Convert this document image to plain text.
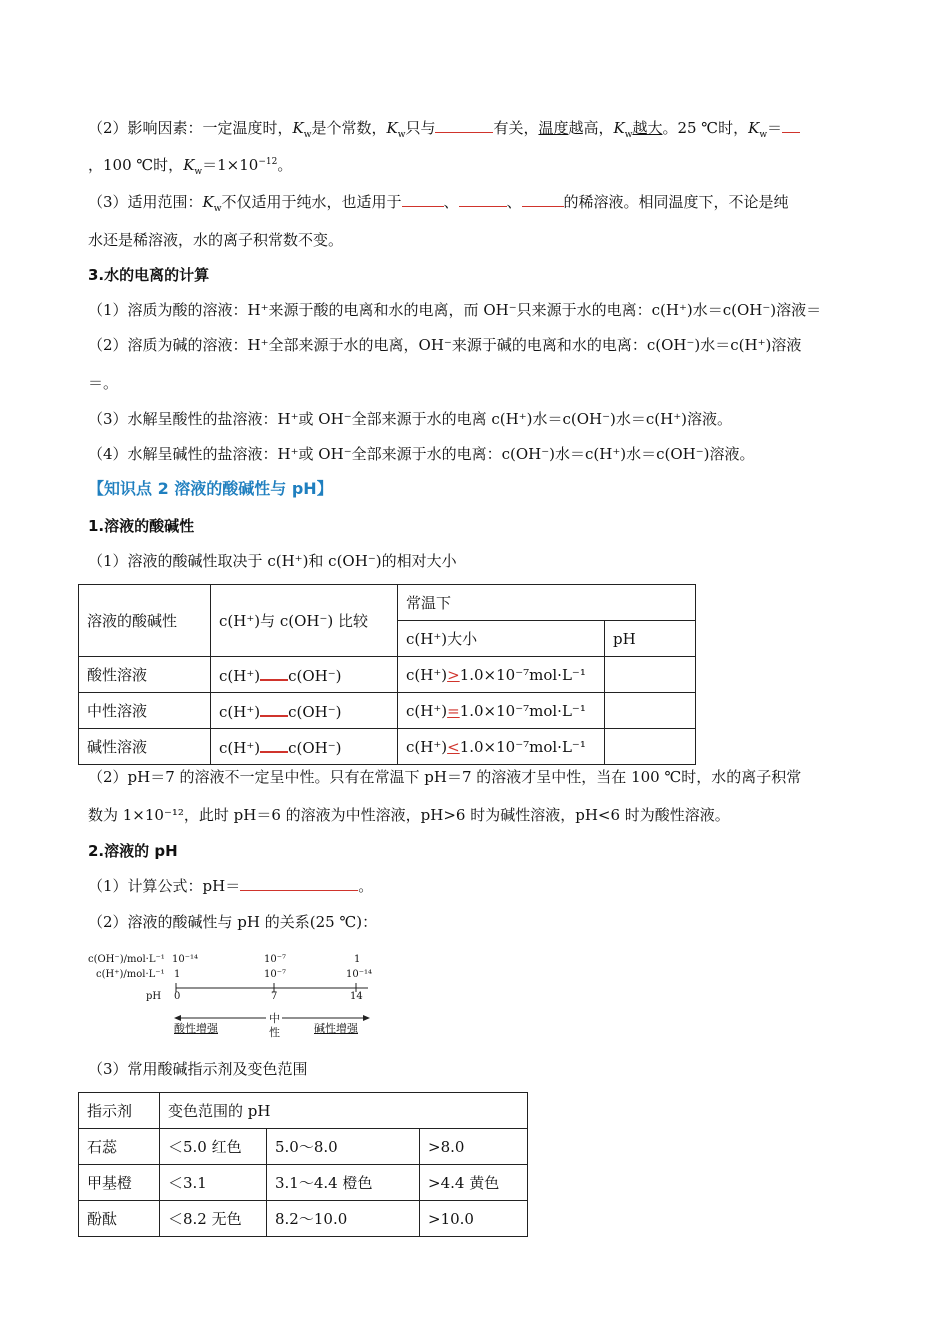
（2）影响因素：一定温度时，$K_w$是个常数，$K_w$只与	有关，温度越高，$K_w$越大。25 ℃时，$K_w=$
，100 ℃时，$K_w=1\times 10^{-12}$。
（3）适用范围：$K_w$不仅适用于纯水，也适用于	、	、	的稀溶液。相同温度下，不论是纯
水还是稀溶液，水的离子积常数不变。
3.水的电离的计算
（1）溶质为酸的溶液：H⁺来源于酸的电离和水的电离，而 OH⁻只来源于水的电离：c(H⁺)水＝c(OH⁻)溶液＝
（2）溶质为碱的溶液：H⁺全部来源于水的电离，OH⁻来源于碱的电离和水的电离：c(OH⁻)水＝c(H⁺)溶液
＝。
（3）水解呈酸性的盐溶液：H⁺或 OH⁻全部来源于水的电离 c(H⁺)水＝c(OH⁻)水＝c(H⁺)溶液。
（4）水解呈碱性的盐溶液：H⁺或 OH⁻全部来源于水的电离：c(OH⁻)水＝c(H⁺)水＝c(OH⁻)溶液。
【知识点 2 溶液的酸碱性与 pH】
1.溶液的酸碱性
（1）溶液的酸碱性取决于 c(H⁺)和 c(OH⁻)的相对大小
溶液的酸碱性	c(H⁺)与 c(OH⁻) 比较	常温下	
		c(H⁺)大小	pH
酸性溶液	c(H⁺) c(OH⁻)	c(H⁺)>1.0×10⁻⁷mol·L⁻¹	
中性溶液	c(H⁺) c(OH⁻)	c(H⁺)=1.0×10⁻⁷mol·L⁻¹	
碱性溶液	c(H⁺) c(OH⁻)	c(H⁺)<1.0×10⁻⁷mol·L⁻¹	
（2）pH＝7 的溶液不一定呈中性。只有在常温下 pH＝7 的溶液才呈中性，当在 100 ℃时，水的离子积常
数为 1×10⁻¹²，此时 pH＝6 的溶液为中性溶液，pH>6 时为碱性溶液，pH<6 时为酸性溶液。
2.溶液的 pH
（1）计算公式：pH＝	。
（2）溶液的酸碱性与 pH 的关系(25 ℃)：
c(OH⁻)/mol·L⁻¹
c(H⁺)/mol·L⁻¹
pH
10⁻¹⁴	10⁻⁷	1
1	10⁻⁷	10⁻¹⁴
0	7	14
酸性增强
中
性	碱性增强
（3）常用酸碱指示剂及变色范围
指示剂	变色范围的 pH		
石蕊	＜5.0 红色	5.0～8.0	>8.0
甲基橙	＜3.1	3.1～4.4 橙色	>4.4 黄色
酚酞	＜8.2 无色	8.2～10.0	>10.0
